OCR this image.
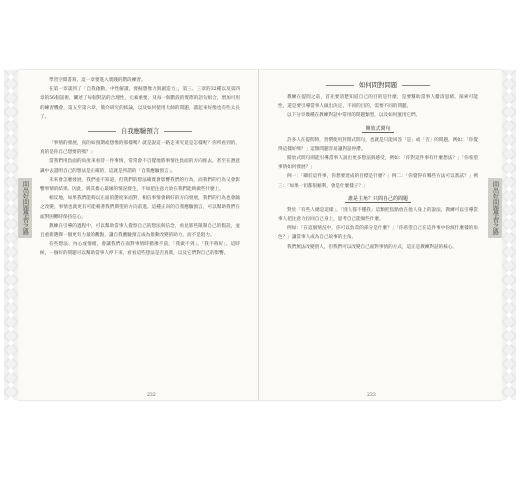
問出好問題
學習之路
問出好問題
學習之路

學習空間書寫，這一章要進入實踐的階段練習。

在第一章談到了「自我啟動、中性解讀，發掘想像力與創造力」，第三、三章的32種以及第四章的56個話術，闡述了每個對話的合理性，元素重要，及每一個階段的實際的語句組合，增加可用的練習機會，第五至第六章，簡介研究的結論，以及如何使用大師的問題，讀起來好像也有些太長了。

自我應驗預言

「事情的發展，真的如預期或想像的那樣嗎？就是說這一路走來究竟是怎樣呢？你所看到的，真的是你自己想要的嗎？」

當我們用負面的角度來看待一件事情，常常會不自覺地將事情往負面的方向推去，甚至在潛意識中去證明自己的想法是正確的，這就是所謂的「自我應驗預言」。

未來會怎麼發展，我們並不知道，但我們的想法確實會影響我們的行為，而我們的行為又會影響事情的結果。因此，與其擔心最壞的情況發生，不如把注意力放在我們能夠做些什麼上。

相反地，如果我們能夠以正面的態度來面對，相信事情會朝好的方向發展，我們的行為也會隨之改變，事情也就更有可能朝著我們期望的方向前進。這種正向的自我應驗預言，可以幫助我們在面對困難時保持信心。

教練在引導的過程中，可以幫助當事人覺察自己的想法與信念，看見那些限制自己的假設，並且重新選擇一個更有力量的觀點，讓自我應驗預言成為推動改變的助力，而不是阻力。

有些想法、內心或情緒，會讓我們在面對事情時猶豫不前，「我做不到」、「我不夠好」。這時候，一個好的問題可以幫助當事人停下來，看看這些想法是否真實，以及它們對自己的影響。

如何問對問題

教練在提問之前，首先要清楚知道自己的目的是什麼，是要幫助當事人釐清思緒、探索可能性，還是要引導當事人做出決定。不同的目的，需要不同的問題。

以下分享幾種在教練對話中常用的問題類型，以及如何運用它們。

開放式問句

許多人在提問時，習慣使用封閉式問句，也就是只能回答「是」或「否」的問題，例如：「你覺得這樣好嗎？」這類問題容易讓對話停滯。

開放式問句則能引導當事人說出更多想法與感受，例如：「你對這件事有什麼想法？」「你希望事情如何發展？」

例一：「關於這件事，你想要達成的目標是什麼？」例二：「你覺得有哪些方法可以嘗試？」例三：「如果一切都很順利，會是什麼樣子？」

誰是主角？只問自己的問題

對於「有些人總是這樣」、「別人都不懂我」這類把焦點放在他人身上的說法，教練可以引導當事人把注意力拉回自己身上，思考自己能做些什麼。

例如：「在這個情況中，你可以負責的部分是什麼？」「你希望自己在這件事中扮演什麼樣的角色？」讓當事人成為自己故事的主角。

我們無法改變別人，但我們可以改變自己面對事情的方式，這正是教練對話的核心。

232	233
